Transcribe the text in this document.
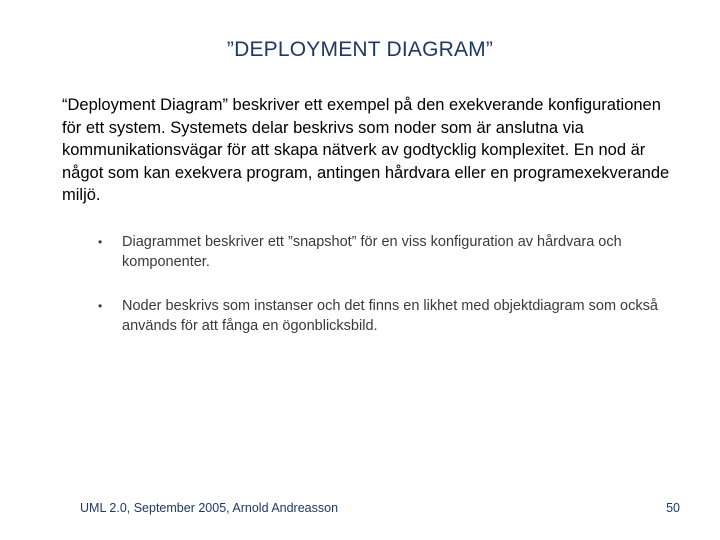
”DEPLOYMENT DIAGRAM”

“Deployment Diagram” beskriver ett exempel på den exekverande konfigurationen för ett system. Systemets delar beskrivs som noder som är anslutna via kommunikationsvägar för att skapa nätverk av godtycklig komplexitet. En nod är något som kan exekvera program, antingen hårdvara eller en programexekverande miljö.

•	Diagrammet beskriver ett ”snapshot” för en viss konfiguration av hårdvara och komponenter.
•	Noder beskrivs som instanser och det finns en likhet med objektdiagram som också används för att fånga en ögonblicksbild.
UML 2.0, September 2005, Arnold Andreasson	50
